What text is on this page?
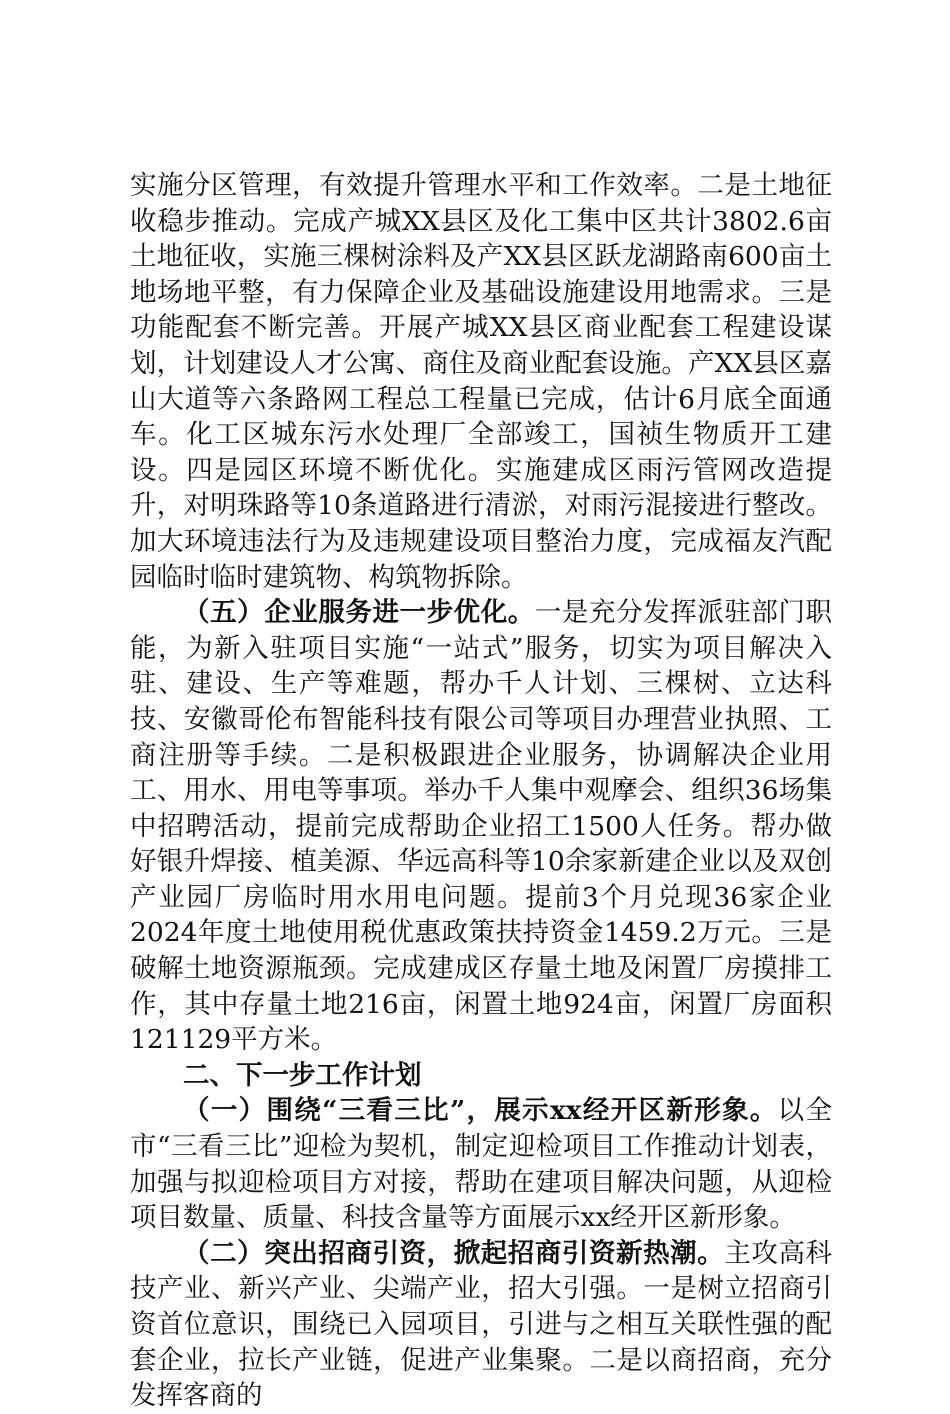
实施分区管理，有效提升管理水平和工作效率。二是土地征收稳步推动。完成产城XX县区及化工集中区共计3802.6亩土地征收，实施三棵树涂料及产XX县区跃龙湖路南600亩土地场地平整，有力保障企业及基础设施建设用地需求。三是功能配套不断完善。开展产城XX县区商业配套工程建设谋划，计划建设人才公寓、商住及商业配套设施。产XX县区嘉山大道等六条路网工程总工程量已完成，估计6月底全面通车。化工区城东污水处理厂全部竣工，国祯生物质开工建设。四是园区环境不断优化。实施建成区雨污管网改造提升，对明珠路等10条道路进行清淤，对雨污混接进行整改。加大环境违法行为及违规建设项目整治力度，完成福友汽配园临时临时建筑物、构筑物拆除。

（五）企业服务进一步优化。一是充分发挥派驻部门职能，为新入驻项目实施“一站式”服务，切实为项目解决入驻、建设、生产等难题，帮办千人计划、三棵树、立达科技、安徽哥伦布智能科技有限公司等项目办理营业执照、工商注册等手续。二是积极跟进企业服务，协调解决企业用工、用水、用电等事项。举办千人集中观摩会、组织36场集中招聘活动，提前完成帮助企业招工1500人任务。帮办做好银升焊接、植美源、华远高科等10余家新建企业以及双创产业园厂房临时用水用电问题。提前3个月兑现36家企业2024年度土地使用税优惠政策扶持资金1459.2万元。三是破解土地资源瓶颈。完成建成区存量土地及闲置厂房摸排工作，其中存量土地216亩，闲置土地924亩，闲置厂房面积121129平方米。

二、下一步工作计划

（一）围绕“三看三比”，展示xx经开区新形象。以全市“三看三比”迎检为契机，制定迎检项目工作推动计划表，加强与拟迎检项目方对接，帮助在建项目解决问题，从迎检项目数量、质量、科技含量等方面展示xx经开区新形象。

（二）突出招商引资，掀起招商引资新热潮。主攻高科技产业、新兴产业、尖端产业，招大引强。一是树立招商引资首位意识，围绕已入园项目，引进与之相互关联性强的配套企业，拉长产业链，促进产业集聚。二是以商招商，充分发挥客商的
